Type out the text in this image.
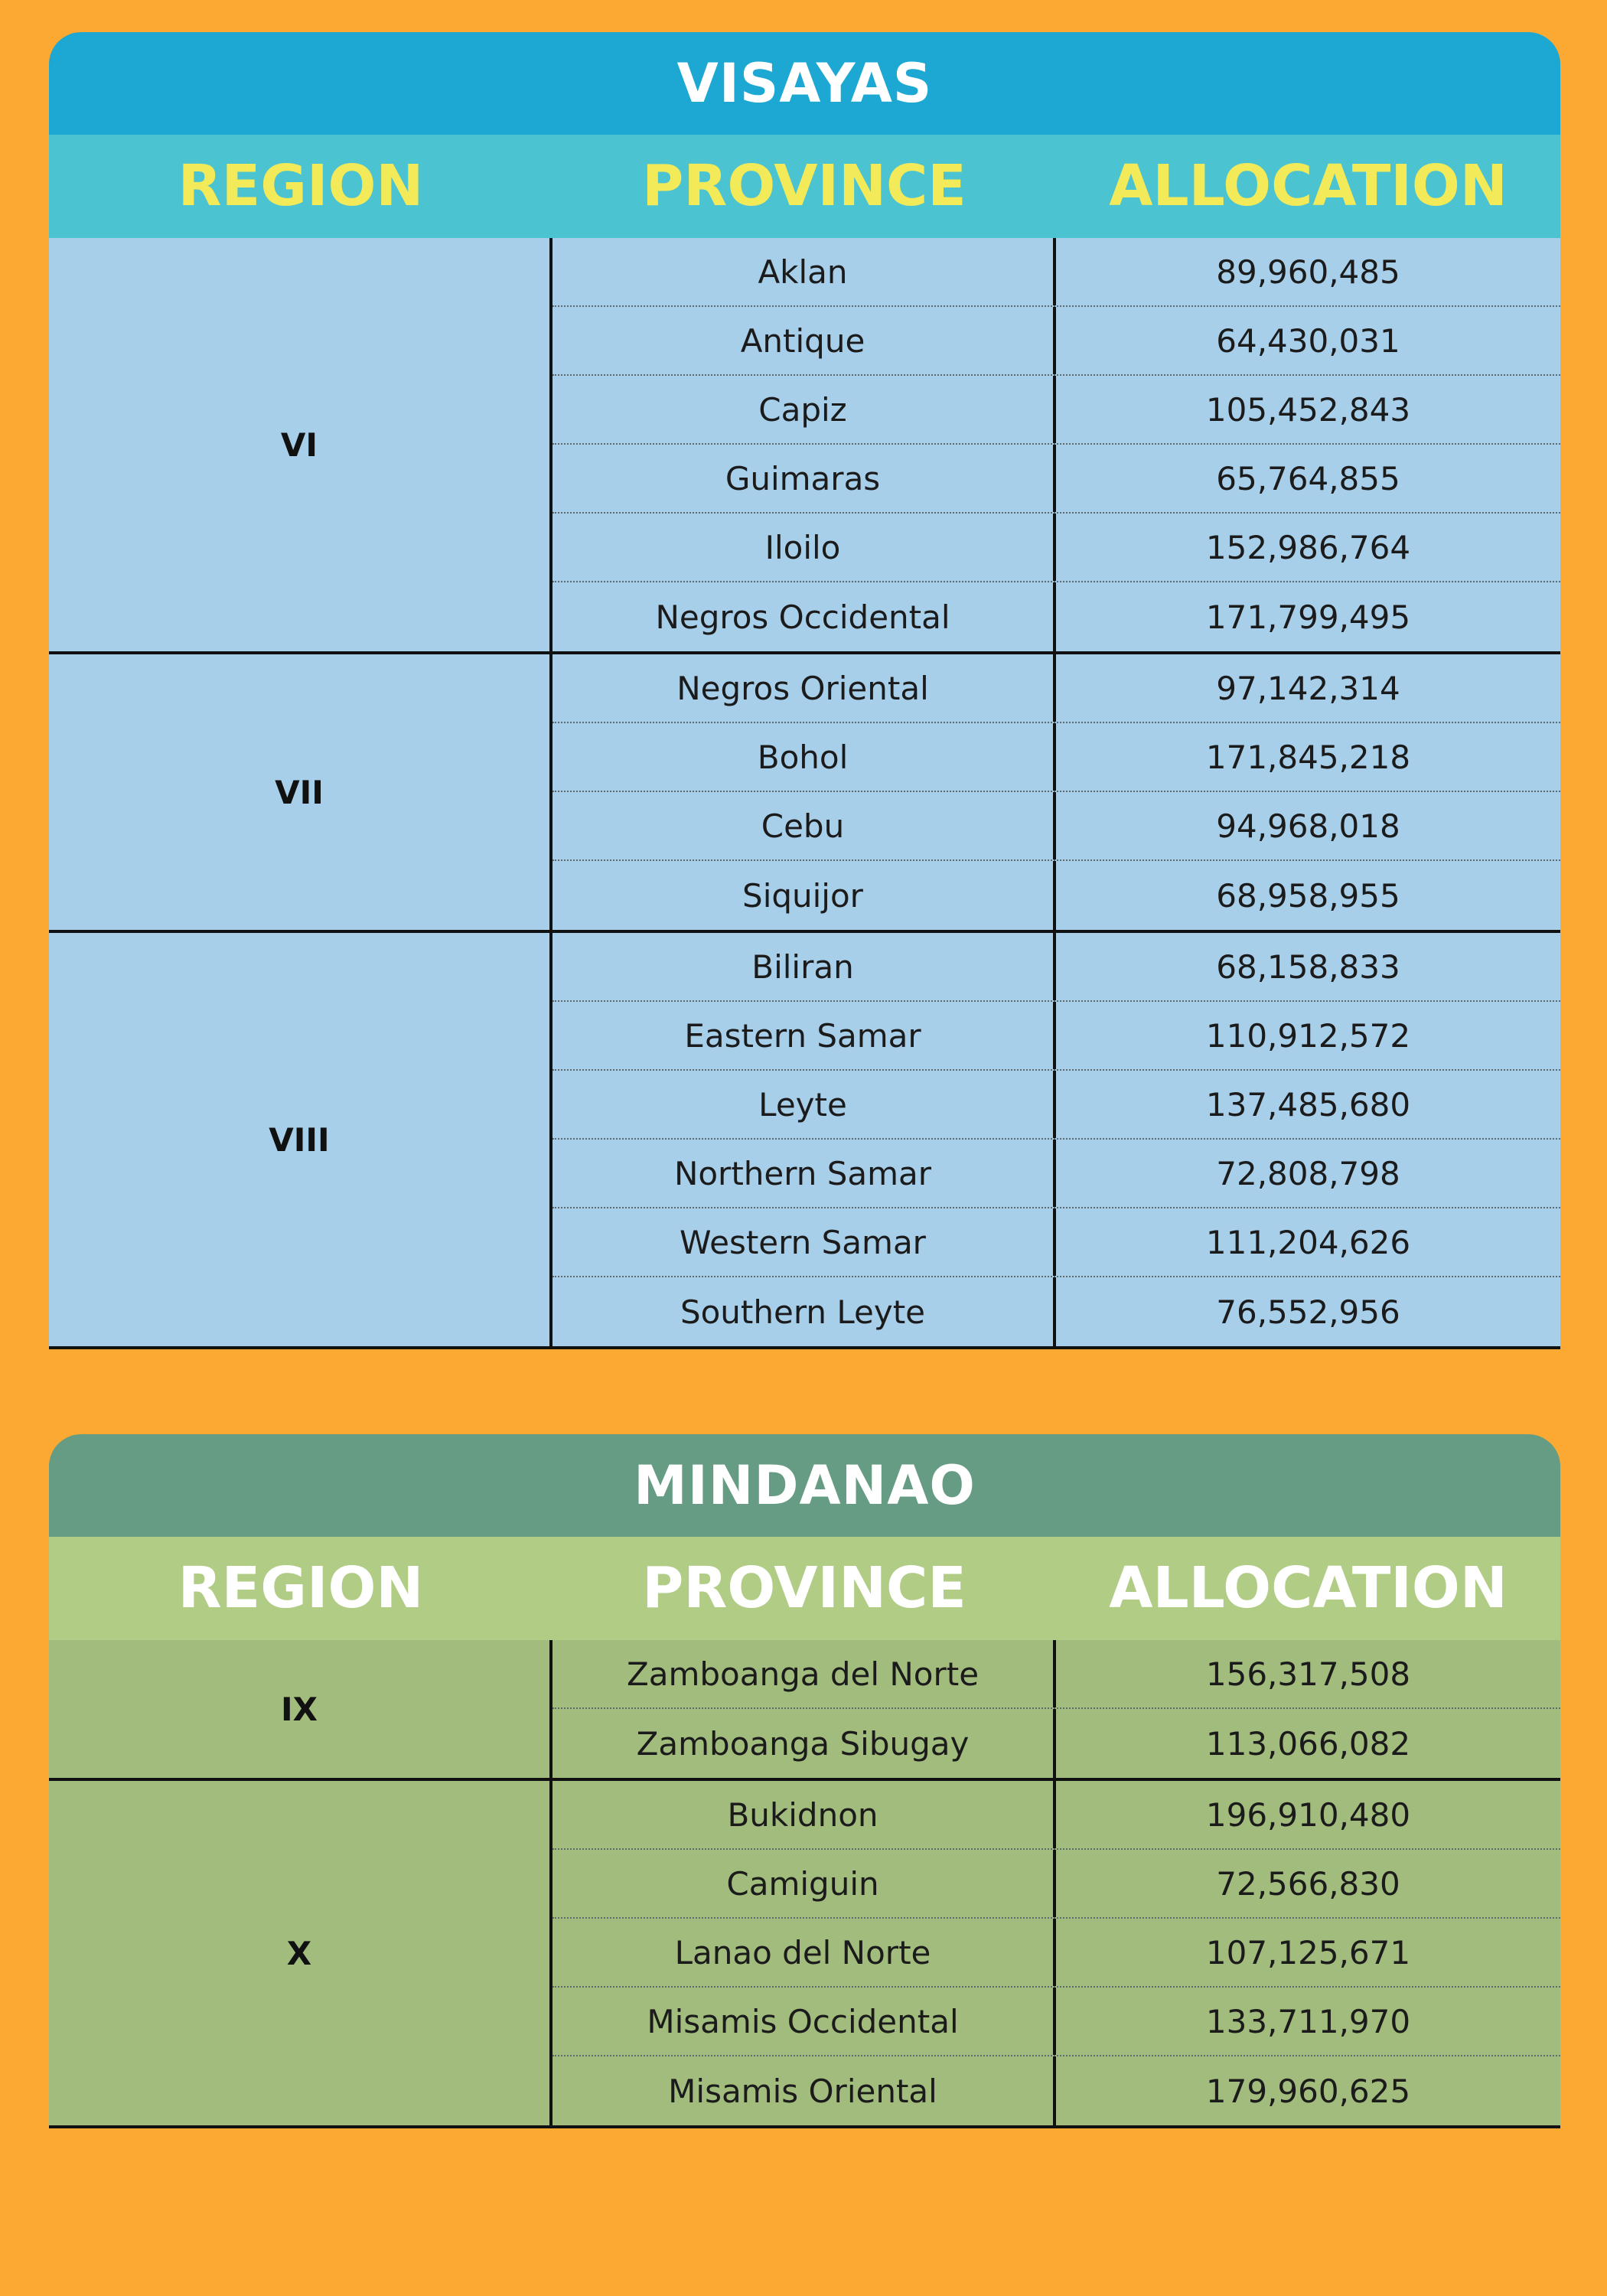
VISAYAS
REGION	PROVINCE	ALLOCATION
VI
Aklan	89,960,485
Antique	64,430,031
Capiz	105,452,843
Guimaras	65,764,855
Iloilo	152,986,764
Negros Occidental	171,799,495
VII
Negros Oriental	97,142,314
Bohol	171,845,218
Cebu	94,968,018
Siquijor	68,958,955
VIII
Biliran	68,158,833
Eastern Samar	110,912,572
Leyte	137,485,680
Northern Samar	72,808,798
Western Samar	111,204,626
Southern Leyte	76,552,956
MINDANAO
REGION	PROVINCE	ALLOCATION
IX
Zamboanga del Norte	156,317,508
Zamboanga Sibugay	113,066,082
X
Bukidnon	196,910,480
Camiguin	72,566,830
Lanao del Norte	107,125,671
Misamis Occidental	133,711,970
Misamis Oriental	179,960,625
